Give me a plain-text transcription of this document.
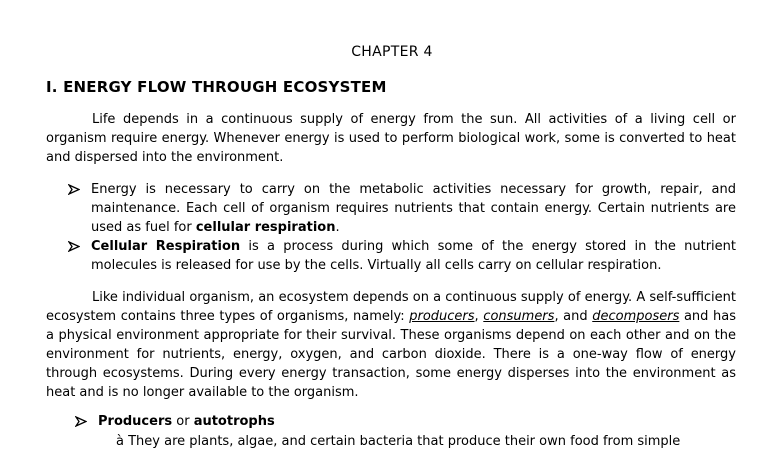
CHAPTER 4
I. ENERGY FLOW THROUGH ECOSYSTEM
Life depends in a continuous supply of energy from the sun. All activities of a living cell or organism require energy. Whenever energy is used to perform biological work, some is converted to heat and dispersed into the environment.
Energy is necessary to carry on the metabolic activities necessary for growth, repair, and maintenance. Each cell of organism requires nutrients that contain energy. Certain nutrients are used as fuel for cellular respiration.
Cellular Respiration is a process during which some of the energy stored in the nutrient molecules is released for use by the cells. Virtually all cells carry on cellular respiration.
Like individual organism, an ecosystem depends on a continuous supply of energy. A self-sufficient ecosystem contains three types of organisms, namely: producers, consumers, and decomposers and has a physical environment appropriate for their survival. These organisms depend on each other and on the environment for nutrients, energy, oxygen, and carbon dioxide. There is a one-way flow of energy through ecosystems. During every energy transaction, some energy disperses into the environment as heat and is no longer available to the organism.
Producers or autotrophs
à They are plants, algae, and certain bacteria that produce their own food from simple
